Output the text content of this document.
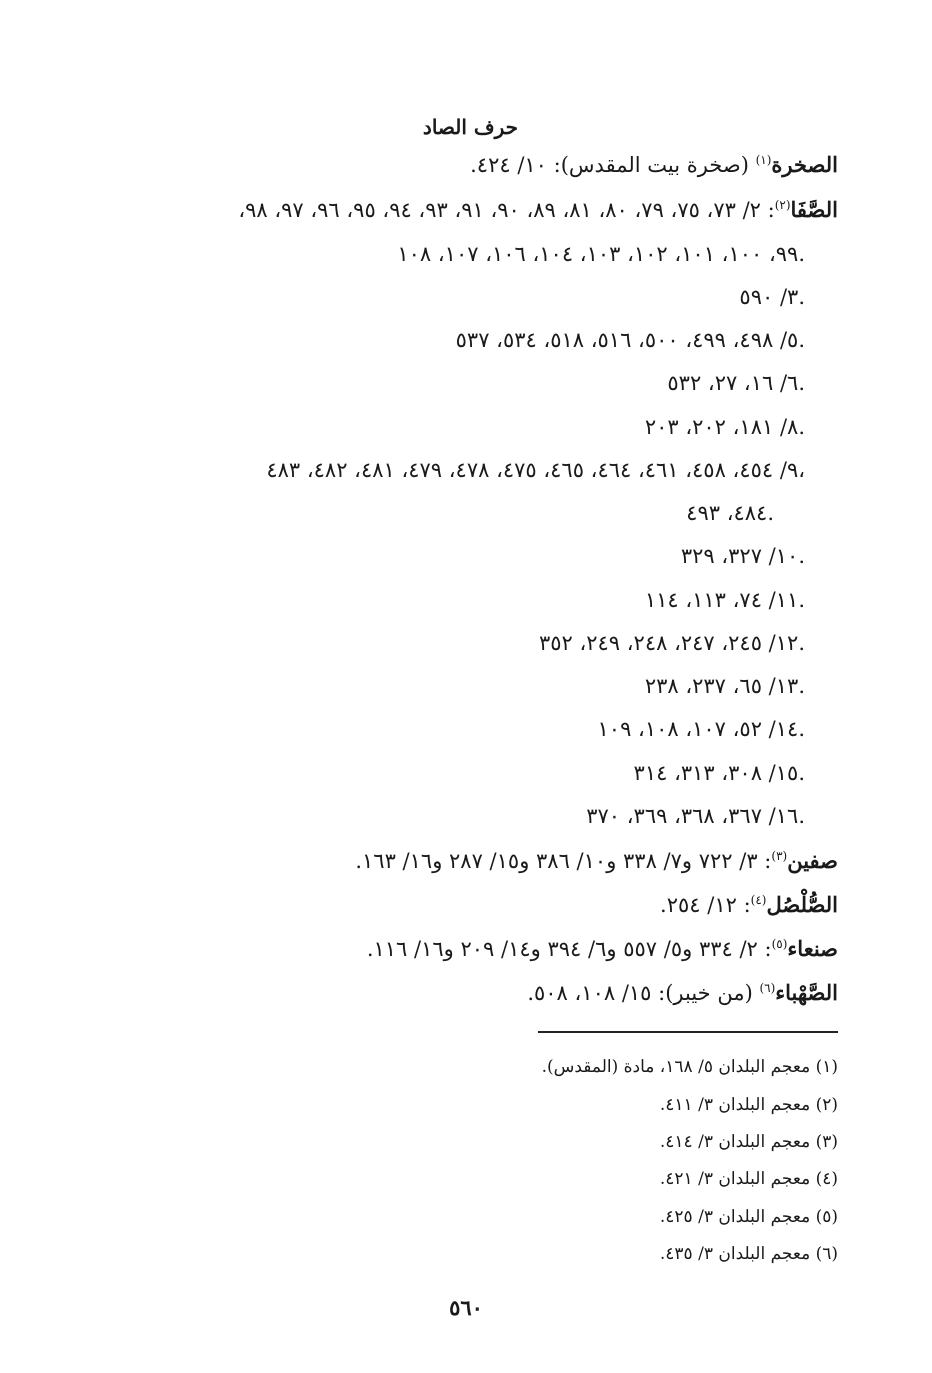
حرف الصاد
الصخرة$^{(١)}$ (صخرة بيت المقدس): ١٠/ ٤٢٤.
الصَّفَا$^{(٢)}$: ٢/ ٧٣، ٧٥، ٧٩، ٨٠، ٨١، ٨٩، ٩٠، ٩١، ٩٣، ٩٤، ٩٥، ٩٦، ٩٧، ٩٨،
٩٩، ١٠٠، ١٠١، ١٠٢، ١٠٣، ١٠٤، ١٠٦، ١٠٧، ١٠٨.
٣/ ٥٩٠.
٥/ ٤٩٨، ٤٩٩، ٥٠٠، ٥١٦، ٥١٨، ٥٣٤، ٥٣٧.
٦/ ١٦، ٢٧، ٥٣٢.
٨/ ١٨١، ٢٠٢، ٢٠٣.
٩/ ٤٥٤، ٤٥٨، ٤٦١، ٤٦٤، ٤٦٥، ٤٧٥، ٤٧٨، ٤٧٩، ٤٨١، ٤٨٢، ٤٨٣،
٤٨٤، ٤٩٣.
١٠/ ٣٢٧، ٣٢٩.
١١/ ٧٤، ١١٣، ١١٤.
١٢/ ٢٤٥، ٢٤٧، ٢٤٨، ٢٤٩، ٣٥٢.
١٣/ ٦٥، ٢٣٧، ٢٣٨.
١٤/ ٥٢، ١٠٧، ١٠٨، ١٠٩.
١٥/ ٣٠٨، ٣١٣، ٣١٤.
١٦/ ٣٦٧، ٣٦٨، ٣٦٩، ٣٧٠.
صفين$^{(٣)}$: ٣/ ٧٢٢ و٧/ ٣٣٨ و١٠/ ٣٨٦ و١٥/ ٢٨٧ و١٦/ ١٦٣.
الصُّلْصُل$^{(٤)}$: ١٢/ ٢٥٤.
صنعاء$^{(٥)}$: ٢/ ٣٣٤ و٥/ ٥٥٧ و٦/ ٣٩٤ و١٤/ ٢٠٩ و١٦/ ١١٦.
الصَّهْباء$^{(٦)}$ (من خيبر): ١٥/ ١٠٨، ٥٠٨.
(١) معجم البلدان ٥/ ١٦٨، مادة (المقدس).
(٢) معجم البلدان ٣/ ٤١١.
(٣) معجم البلدان ٣/ ٤١٤.
(٤) معجم البلدان ٣/ ٤٢١.
(٥) معجم البلدان ٣/ ٤٢٥.
(٦) معجم البلدان ٣/ ٤٣٥.
٥٦٠
